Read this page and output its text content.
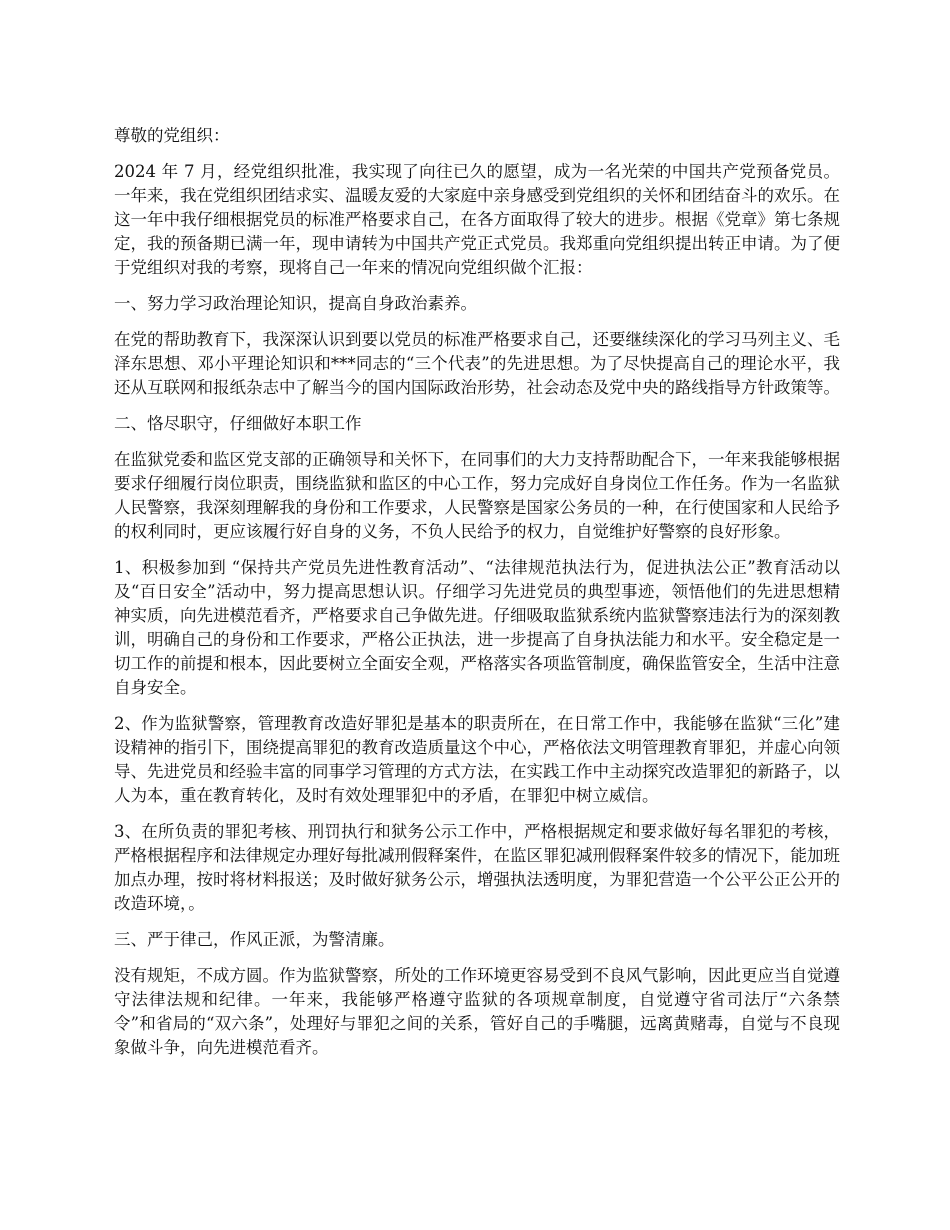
尊敬的党组织：

2024 年 7 月，经党组织批准，我实现了向往已久的愿望，成为一名光荣的中国共产党预备党员。一年来，我在党组织团结求实、温暖友爱的大家庭中亲身感受到党组织的关怀和团结奋斗的欢乐。在这一年中我仔细根据党员的标准严格要求自己，在各方面取得了较大的进步。根据《党章》第七条规定，我的预备期已满一年，现申请转为中国共产党正式党员。我郑重向党组织提出转正申请。为了便于党组织对我的考察，现将自己一年来的情况向党组织做个汇报：

一、努力学习政治理论知识，提高自身政治素养。

在党的帮助教育下，我深深认识到要以党员的标准严格要求自己，还要继续深化的学习马列主义、毛泽东思想、邓小平理论知识和***同志的“三个代表”的先进思想。为了尽快提高自己的理论水平，我还从互联网和报纸杂志中了解当今的国内国际政治形势，社会动态及党中央的路线指导方针政策等。

二、恪尽职守，仔细做好本职工作

在监狱党委和监区党支部的正确领导和关怀下，在同事们的大力支持帮助配合下，一年来我能够根据要求仔细履行岗位职责，围绕监狱和监区的中心工作，努力完成好自身岗位工作任务。作为一名监狱人民警察，我深刻理解我的身份和工作要求，人民警察是国家公务员的一种，在行使国家和人民给予的权利同时，更应该履行好自身的义务，不负人民给予的权力，自觉维护好警察的良好形象。

1、积极参加到 “保持共产党员先进性教育活动”、“法律规范执法行为，促进执法公正”教育活动以及“百日安全”活动中，努力提高思想认识。仔细学习先进党员的典型事迹，领悟他们的先进思想精神实质，向先进模范看齐，严格要求自己争做先进。仔细吸取监狱系统内监狱警察违法行为的深刻教训，明确自己的身份和工作要求，严格公正执法，进一步提高了自身执法能力和水平。安全稳定是一切工作的前提和根本，因此要树立全面安全观，严格落实各项监管制度，确保监管安全，生活中注意自身安全。

2、作为监狱警察，管理教育改造好罪犯是基本的职责所在，在日常工作中，我能够在监狱“三化”建设精神的指引下，围绕提高罪犯的教育改造质量这个中心，严格依法文明管理教育罪犯，并虚心向领导、先进党员和经验丰富的同事学习管理的方式方法，在实践工作中主动探究改造罪犯的新路子，以人为本，重在教育转化，及时有效处理罪犯中的矛盾，在罪犯中树立威信。

3、在所负责的罪犯考核、刑罚执行和狱务公示工作中，严格根据规定和要求做好每名罪犯的考核，严格根据程序和法律规定办理好每批减刑假释案件，在监区罪犯减刑假释案件较多的情况下，能加班加点办理，按时将材料报送；及时做好狱务公示，增强执法透明度，为罪犯营造一个公平公正公开的改造环境，。

三、严于律己，作风正派，为警清廉。

没有规矩，不成方圆。作为监狱警察，所处的工作环境更容易受到不良风气影响，因此更应当自觉遵守法律法规和纪律。一年来，我能够严格遵守监狱的各项规章制度，自觉遵守省司法厅“六条禁令”和省局的“双六条”，处理好与罪犯之间的关系，管好自己的手嘴腿，远离黄赌毒，自觉与不良现象做斗争，向先进模范看齐。
